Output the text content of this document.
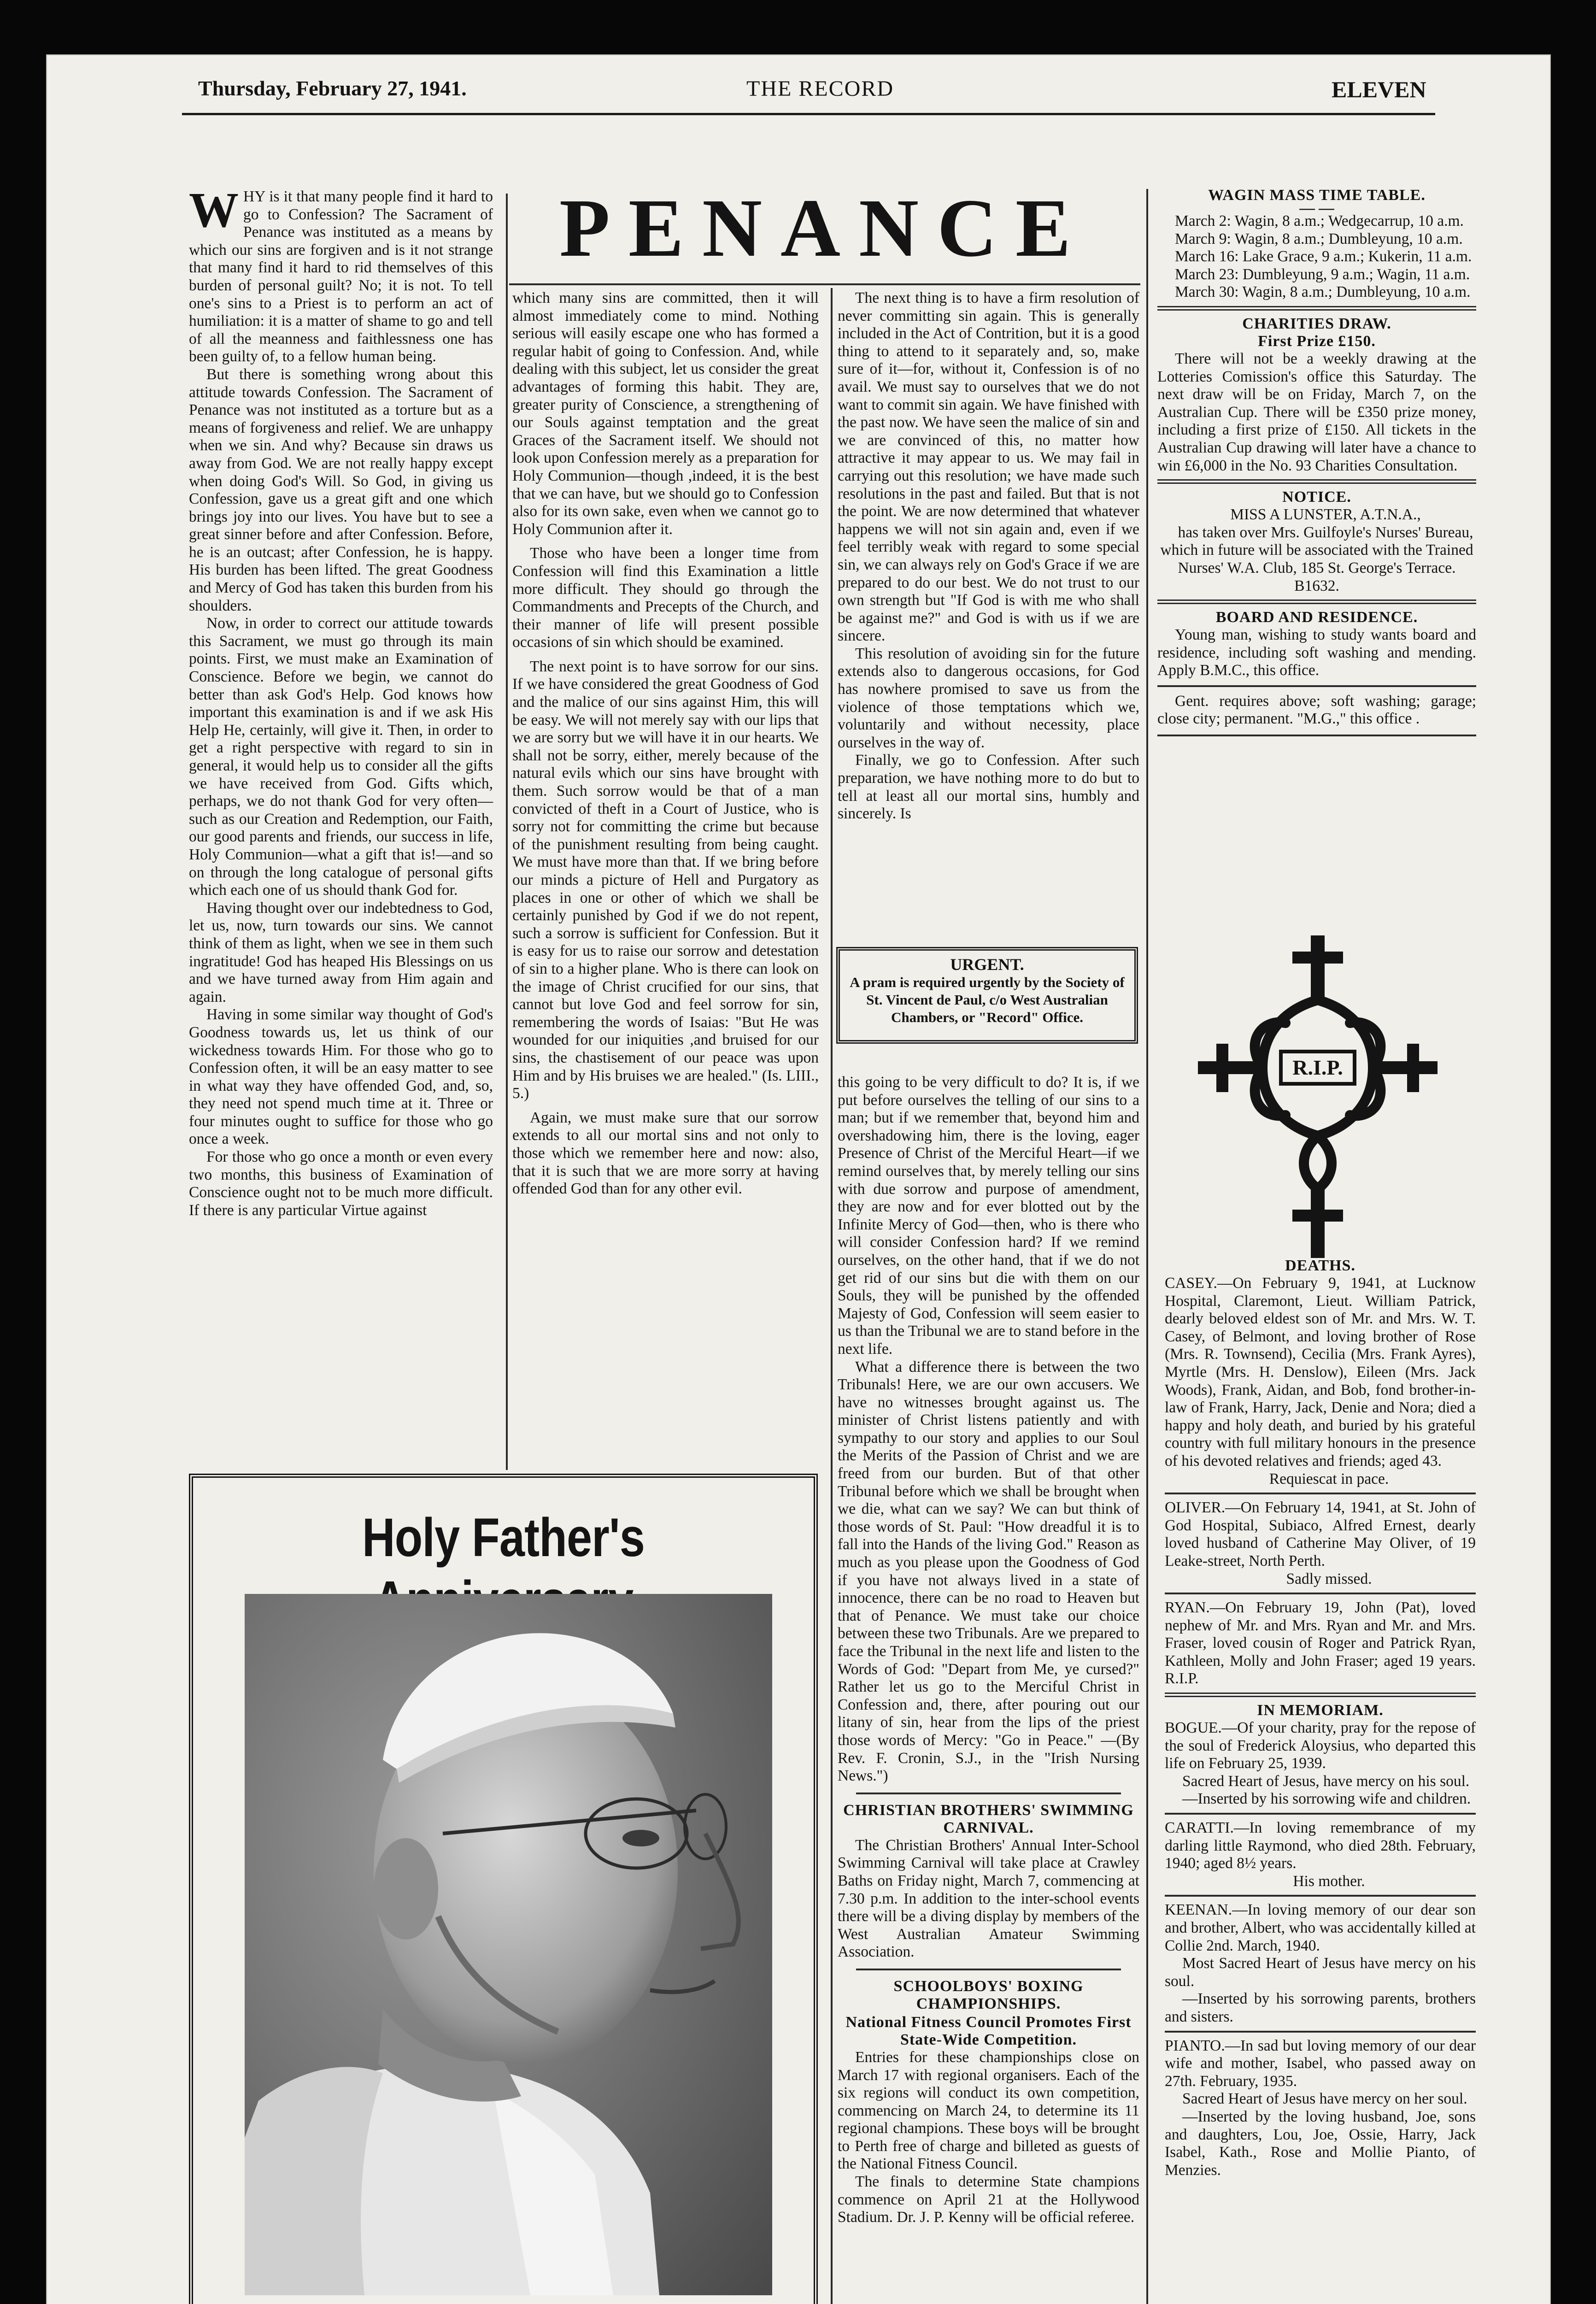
Thursday, February 27, 1941.	THE RECORD	ELEVEN
PENANCE

WHY is it that many people find it hard to go to Confession? The Sacrament of Penance was instituted as a means by which our sins are forgiven and is it not strange that many find it hard to rid themselves of this burden of personal guilt? No; it is not. To tell one's sins to a Priest is to perform an act of humiliation: it is a matter of shame to go and tell of all the meanness and faithlessness one has been guilty of, to a fellow human being.

But there is something wrong about this attitude towards Confession. The Sacrament of Penance was not instituted as a torture but as a means of forgiveness and relief. We are unhappy when we sin. And why? Because sin draws us away from God. We are not really happy except when doing God's Will. So God, in giving us Confession, gave us a great gift and one which brings joy into our lives. You have but to see a great sinner before and after Confession. Before, he is an outcast; after Confession, he is happy. His burden has been lifted. The great Goodness and Mercy of God has taken this burden from his shoulders.

Now, in order to correct our attitude towards this Sacrament, we must go through its main points. First, we must make an Examination of Conscience. Before we begin, we cannot do better than ask God's Help. God knows how important this examination is and if we ask His Help He, certainly, will give it. Then, in order to get a right perspective with regard to sin in general, it would help us to consider all the gifts we have received from God. Gifts which, perhaps, we do not thank God for very often—such as our Creation and Redemption, our Faith, our good parents and friends, our success in life, Holy Communion—what a gift that is!—and so on through the long catalogue of personal gifts which each one of us should thank God for.

Having thought over our indebtedness to God, let us, now, turn towards our sins. We cannot think of them as light, when we see in them such ingratitude! God has heaped His Blessings on us and we have turned away from Him again and again.

Having in some similar way thought of God's Goodness towards us, let us think of our wickedness towards Him. For those who go to Confession often, it will be an easy matter to see in what way they have offended God, and, so, they need not spend much time at it. Three or four minutes ought to suffice for those who go once a week.

For those who go once a month or even every two months, this business of Examination of Conscience ought not to be much more difficult. If there is any particular Virtue against

which many sins are committed, then it will almost immediately come to mind. Nothing serious will easily escape one who has formed a regular habit of going to Confession. And, while dealing with this subject, let us consider the great advantages of forming this habit. They are, greater purity of Conscience, a strengthening of our Souls against temptation and the great Graces of the Sacrament itself. We should not look upon Confession merely as a preparation for Holy Communion—though ,indeed, it is the best that we can have, but we should go to Confession also for its own sake, even when we cannot go to Holy Communion after it.

Those who have been a longer time from Confession will find this Examination a little more difficult. They should go through the Commandments and Precepts of the Church, and their manner of life will present possible occasions of sin which should be examined.

The next point is to have sorrow for our sins. If we have considered the great Goodness of God and the malice of our sins against Him, this will be easy. We will not merely say with our lips that we are sorry but we will have it in our hearts. We shall not be sorry, either, merely because of the natural evils which our sins have brought with them. Such sorrow would be that of a man convicted of theft in a Court of Justice, who is sorry not for committing the crime but because of the punishment resulting from being caught. We must have more than that. If we bring before our minds a picture of Hell and Purgatory as places in one or other of which we shall be certainly punished by God if we do not repent, such a sorrow is sufficient for Confession. But it is easy for us to raise our sorrow and detestation of sin to a higher plane. Who is there can look on the image of Christ crucified for our sins, that cannot but love God and feel sorrow for sin, remembering the words of Isaias: "But He was wounded for our iniquities ,and bruised for our sins, the chastisement of our peace was upon Him and by His bruises we are healed." (Is. LIII., 5.)

Again, we must make sure that our sorrow extends to all our mortal sins and not only to those which we remember here and now: also, that it is such that we are more sorry at having offended God than for any other evil.

The next thing is to have a firm resolution of never committing sin again. This is generally included in the Act of Contrition, but it is a good thing to attend to it separately and, so, make sure of it—for, without it, Confession is of no avail. We must say to ourselves that we do not want to commit sin again. We have finished with the past now. We have seen the malice of sin and we are convinced of this, no matter how attractive it may appear to us. We may fail in carrying out this resolution; we have made such resolutions in the past and failed. But that is not the point. We are now determined that whatever happens we will not sin again and, even if we feel terribly weak with regard to some special sin, we can always rely on God's Grace if we are prepared to do our best. We do not trust to our own strength but "If God is with me who shall be against me?" and God is with us if we are sincere.

This resolution of avoiding sin for the future extends also to dangerous occasions, for God has nowhere promised to save us from the violence of those temptations which we, voluntarily and without necessity, place ourselves in the way of.

Finally, we go to Confession. After such preparation, we have nothing more to do but to tell at least all our mortal sins, humbly and sincerely. Is

URGENT.
A pram is required urgently by the Society of St. Vincent de Paul, c/o West Australian Chambers, or "Record" Office.

this going to be very difficult to do? It is, if we put before ourselves the telling of our sins to a man; but if we remember that, beyond him and overshadowing him, there is the loving, eager Presence of Christ of the Merciful Heart—if we remind ourselves that, by merely telling our sins with due sorrow and purpose of amendment, they are now and for ever blotted out by the Infinite Mercy of God—then, who is there who will consider Confession hard? If we remind ourselves, on the other hand, that if we do not get rid of our sins but die with them on our Souls, they will be punished by the offended Majesty of God, Confession will seem easier to us than the Tribunal we are to stand before in the next life.

What a difference there is between the two Tribunals! Here, we are our own accusers. We have no witnesses brought against us. The minister of Christ listens patiently and with sympathy to our story and applies to our Soul the Merits of the Passion of Christ and we are freed from our burden. But of that other Tribunal before which we shall be brought when we die, what can we say? We can but think of those words of St. Paul: "How dreadful it is to fall into the Hands of the living God." Reason as much as you please upon the Goodness of God if you have not always lived in a state of innocence, there can be no road to Heaven but that of Penance. We must take our choice between these two Tribunals. Are we prepared to face the Tribunal in the next life and listen to the Words of God: "Depart from Me, ye cursed?" Rather let us go to the Merciful Christ in Confession and, there, after pouring out our litany of sin, hear from the lips of the priest those words of Mercy: "Go in Peace." —(By Rev. F. Cronin, S.J., in the "Irish Nursing News.")

CHRISTIAN BROTHERS' SWIMMING CARNIVAL.

The Christian Brothers' Annual Inter-School Swimming Carnival will take place at Crawley Baths on Friday night, March 7, commencing at 7.30 p.m. In addition to the inter-school events there will be a diving display by members of the West Australian Amateur Swimming Association.

SCHOOLBOYS' BOXING CHAMPIONSHIPS.
National Fitness Council Promotes First State-Wide Competition.

Entries for these championships close on March 17 with regional organisers. Each of the six regions will conduct its own competition, commencing on March 24, to determine its 11 regional champions. These boys will be brought to Perth free of charge and billeted as guests of the National Fitness Council.

The finals to determine State champions commence on April 21 at the Hollywood Stadium. Dr. J. P. Kenny will be official referee.

Holy Father's
WAGIN MASS TIME TABLE.
— —

March 2: Wagin, 8 a.m.; Wedgecarrup, 10 a.m.

March 9: Wagin, 8 a.m.; Dumbleyung, 10 a.m.

March 16: Lake Grace, 9 a.m.; Kukerin, 11 a.m.

March 23: Dumbleyung, 9 a.m.; Wagin, 11 a.m.

March 30: Wagin, 8 a.m.; Dumbleyung, 10 a.m.

CHARITIES DRAW.
First Prize £150.

There will not be a weekly drawing at the Lotteries Comission's office this Saturday. The next draw will be on Friday, March 7, on the Australian Cup. There will be £350 prize money, including a first prize of £150. All tickets in the Australian Cup drawing will later have a chance to win £6,000 in the No. 93 Charities Consultation.

NOTICE.

MISS A LUNSTER, A.T.N.A.,

has taken over Mrs. Guilfoyle's Nurses' Bureau, which in future will be associated with the Trained Nurses' W.A. Club, 185 St. George's Terrace. B1632.

BOARD AND RESIDENCE.

Young man, wishing to study wants board and residence, including soft washing and mending. Apply B.M.C., this office.

Gent. requires above; soft washing; garage; close city; permanent. "M.G.," this office .

R.I.P.
DEATHS.

CASEY.—On February 9, 1941, at Lucknow Hospital, Claremont, Lieut. William Patrick, dearly beloved eldest son of Mr. and Mrs. W. T. Casey, of Belmont, and loving brother of Rose (Mrs. R. Townsend), Cecilia (Mrs. Frank Ayres), Myrtle (Mrs. H. Denslow), Eileen (Mrs. Jack Woods), Frank, Aidan, and Bob, fond brother-in-law of Frank, Harry, Jack, Denie and Nora; died a happy and holy death, and buried by his grateful country with full military honours in the presence of his devoted relatives and friends; aged 43.

Requiescat in pace.

OLIVER.—On February 14, 1941, at St. John of God Hospital, Subiaco, Alfred Ernest, dearly loved husband of Catherine May Oliver, of 19 Leake-street, North Perth.

Sadly missed.

RYAN.—On February 19, John (Pat), loved nephew of Mr. and Mrs. Ryan and Mr. and Mrs. Fraser, loved cousin of Roger and Patrick Ryan, Kathleen, Molly and John Fraser; aged 19 years. R.I.P.

IN MEMORIAM.

BOGUE.—Of your charity, pray for the repose of the soul of Frederick Aloysius, who departed this life on February 25, 1939.

Sacred Heart of Jesus, have mercy on his soul.

—Inserted by his sorrowing wife and children.

CARATTI.—In loving remembrance of my darling little Raymond, who died 28th. February, 1940; aged 8½ years.

His mother.

KEENAN.—In loving memory of our dear son and brother, Albert, who was accidentally killed at Collie 2nd. March, 1940.

Most Sacred Heart of Jesus have mercy on his soul.

—Inserted by his sorrowing parents, brothers and sisters.

PIANTO.—In sad but loving memory of our dear wife and mother, Isabel, who passed away on 27th. February, 1935.

Sacred Heart of Jesus have mercy on her soul.

—Inserted by the loving husband, Joe, sons and daughters, Lou, Joe, Ossie, Harry, Jack Isabel, Kath., Rose and Mollie Pianto, of Menzies.
